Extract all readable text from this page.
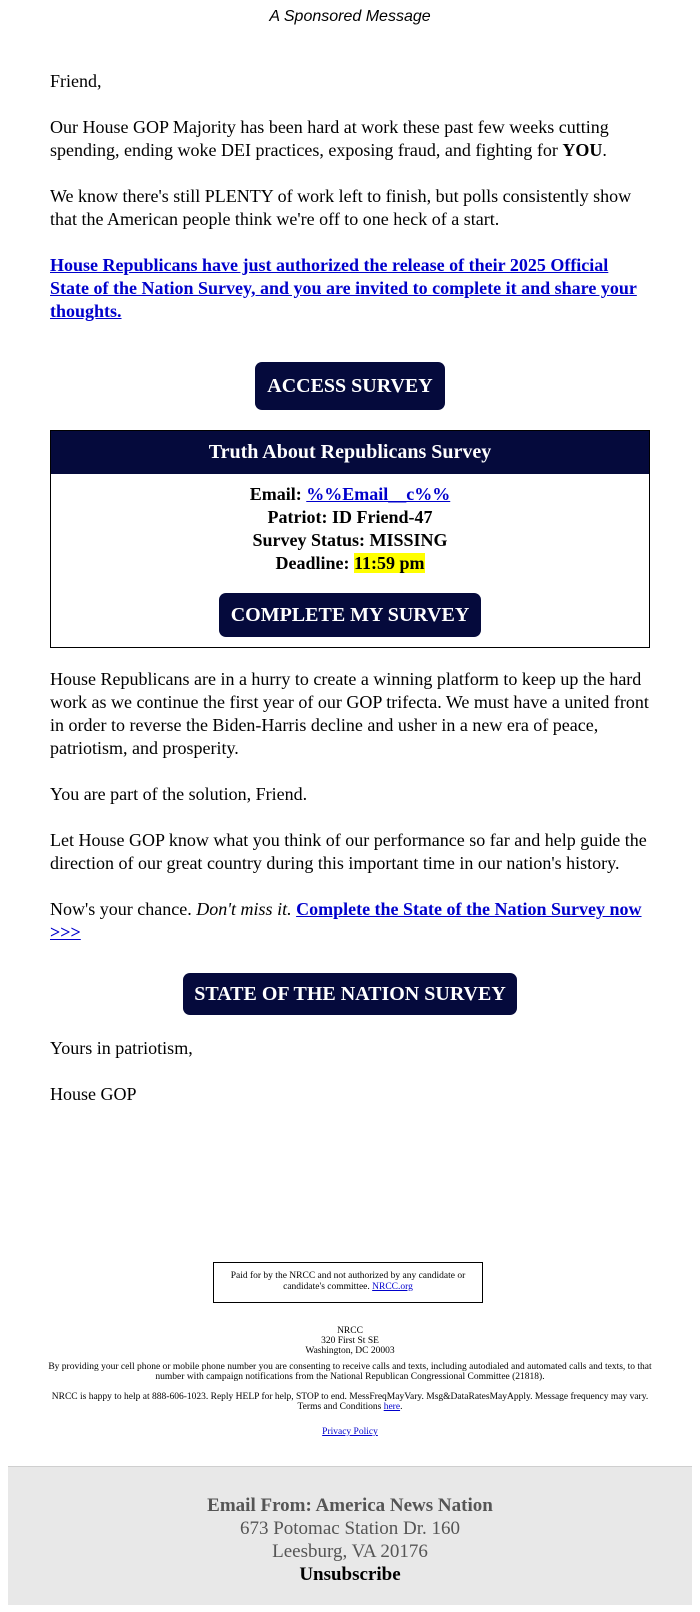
A Sponsored Message

Friend,

Our House GOP Majority has been hard at work these past few weeks cutting spending, ending woke DEI practices, exposing fraud, and fighting for YOU.

We know there's still PLENTY of work left to finish, but polls consistently show that the American people think we're off to one heck of a start.

House Republicans have just authorized the release of their 2025 Official State of the Nation Survey, and you are invited to complete it and share your thoughts.

ACCESS SURVEY
Truth About Republicans Survey
Email: %%Email__c%%
Patriot: ID Friend-47
Survey Status: MISSING
Deadline: 11:59 pm
COMPLETE MY SURVEY

House Republicans are in a hurry to create a winning platform to keep up the hard work as we continue the first year of our GOP trifecta. We must have a united front in order to reverse the Biden-Harris decline and usher in a new era of peace, patriotism, and prosperity.

You are part of the solution, Friend.

Let House GOP know what you think of our performance so far and help guide the direction of our great country during this important time in our nation's history.

Now's your chance. Don't miss it. Complete the State of the Nation Survey now >>>

STATE OF THE NATION SURVEY

Yours in patriotism,

House GOP

Paid for by the NRCC and not authorized by any candidate or candidate's committee. NRCC.org
NRCC
320 First St SE
Washington, DC 20003
By providing your cell phone or mobile phone number you are consenting to receive calls and texts, including autodialed and automated calls and texts, to that number with campaign notifications from the National Republican Congressional Committee (21818).
NRCC is happy to help at 888-606-1023. Reply HELP for help, STOP to end. MessFreqMayVary. Msg&DataRatesMayApply. Message frequency may vary. Terms and Conditions here.
Privacy Policy
Email From: America News Nation
673 Potomac Station Dr. 160
Leesburg, VA 20176
Unsubscribe
